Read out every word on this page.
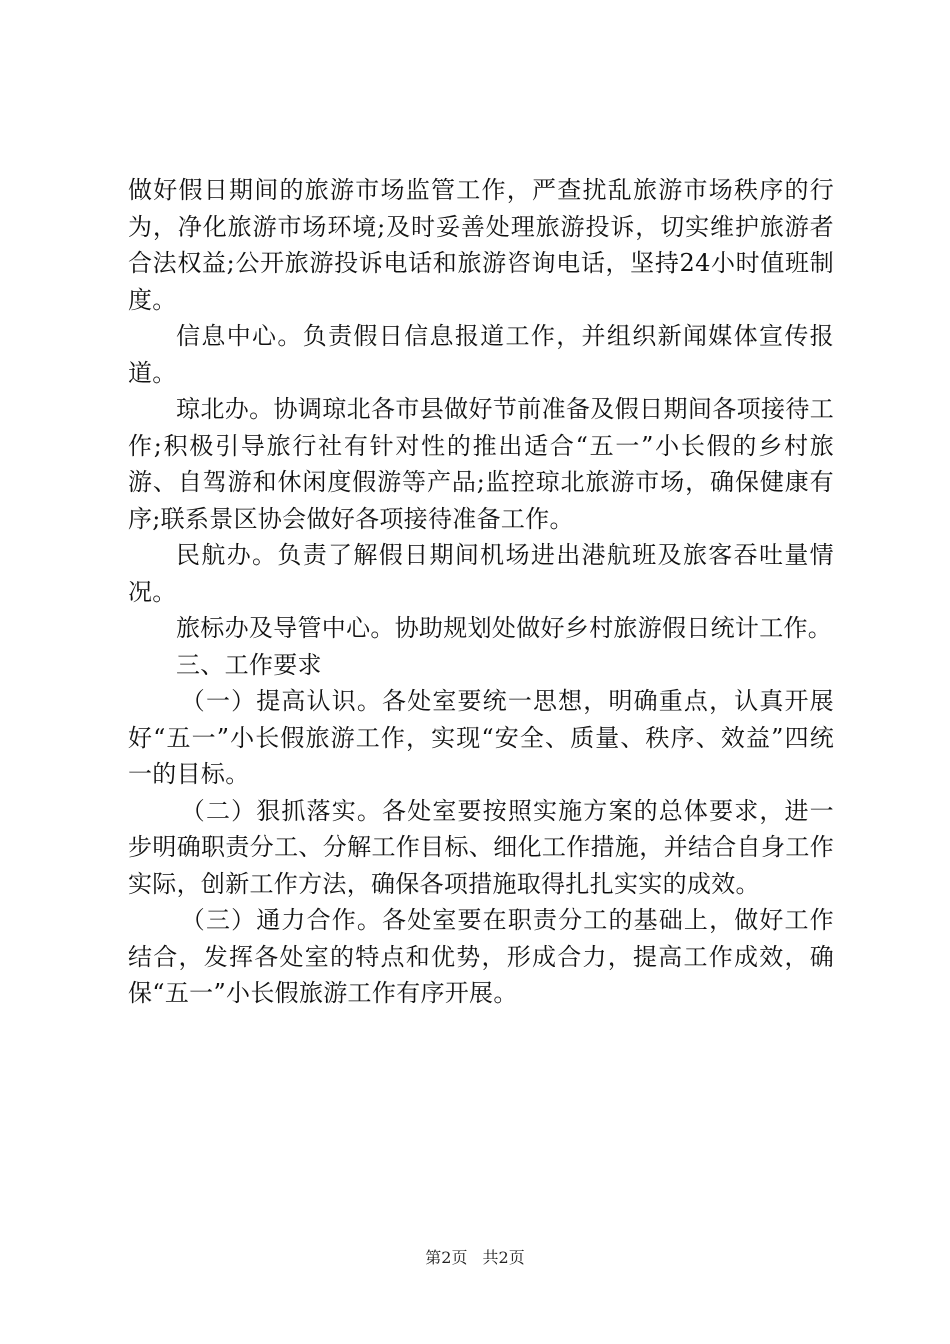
做好假日期间的旅游市场监管工作，严查扰乱旅游市场秩序的行为，净化旅游市场环境;及时妥善处理旅游投诉，切实维护旅游者合法权益;公开旅游投诉电话和旅游咨询电话，坚持24小时值班制度。

信息中心。负责假日信息报道工作，并组织新闻媒体宣传报道。

琼北办。协调琼北各市县做好节前准备及假日期间各项接待工作;积极引导旅行社有针对性的推出适合“五一”小长假的乡村旅游、自驾游和休闲度假游等产品;监控琼北旅游市场，确保健康有序;联系景区协会做好各项接待准备工作。

民航办。负责了解假日期间机场进出港航班及旅客吞吐量情况。

旅标办及导管中心。协助规划处做好乡村旅游假日统计工作。

三、工作要求

（一）提高认识。各处室要统一思想，明确重点，认真开展好“五一”小长假旅游工作，实现“安全、质量、秩序、效益”四统一的目标。

（二）狠抓落实。各处室要按照实施方案的总体要求，进一步明确职责分工、分解工作目标、细化工作措施，并结合自身工作实际，创新工作方法，确保各项措施取得扎扎实实的成效。

（三）通力合作。各处室要在职责分工的基础上，做好工作结合，发挥各处室的特点和优势，形成合力，提高工作成效，确保“五一”小长假旅游工作有序开展。

第2页 共2页
